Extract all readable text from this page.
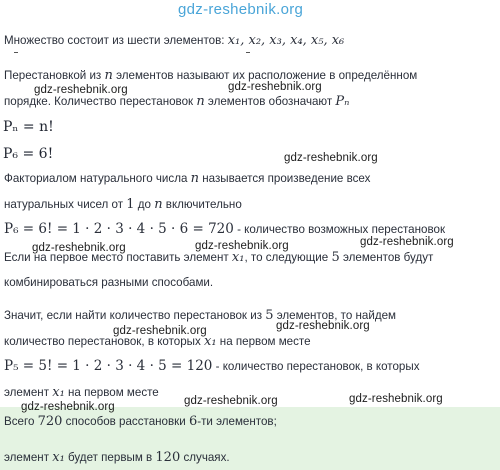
gdz-reshebnik.org
Множество состоит из шести элементов: x₁, x₂, x₃, x₄, x₅, x₆
Перестановкой из n элементов называют их расположение в определённом
gdz-reshebnik.org	gdz-reshebnik.org
порядке. Количество перестановок n элементов обозначают Pₙ
Pₙ = n!
P₆ = 6!	gdz-reshebnik.org
Факториалом натурального числа n называется произведение всех
натуральных чисел от 1 до n включительно
P₆ = 6! = 1 · 2 · 3 · 4 · 5 · 6 = 720 - количество возможных перестановок
gdz-reshebnik.org	gdz-reshebnik.org	gdz-reshebnik.org
Если на первое место поставить элемент x₁, то следующие 5 элементов будут
комбинироваться разными способами.
Значит, если найти количество перестановок из 5 элементов, то найдем
gdz-reshebnik.org	gdz-reshebnik.org
количество перестановок, в которых x₁ на первом месте
P₅ = 5! = 1 · 2 · 3 · 4 · 5 = 120 - количество перестановок, в которых
элемент x₁ на первом месте
gdz-reshebnik.org	gdz-reshebnik.org	gdz-reshebnik.org
Всего 720 способов расстановки 6-ти элементов;
элемент x₁ будет первым в 120 случаях.
